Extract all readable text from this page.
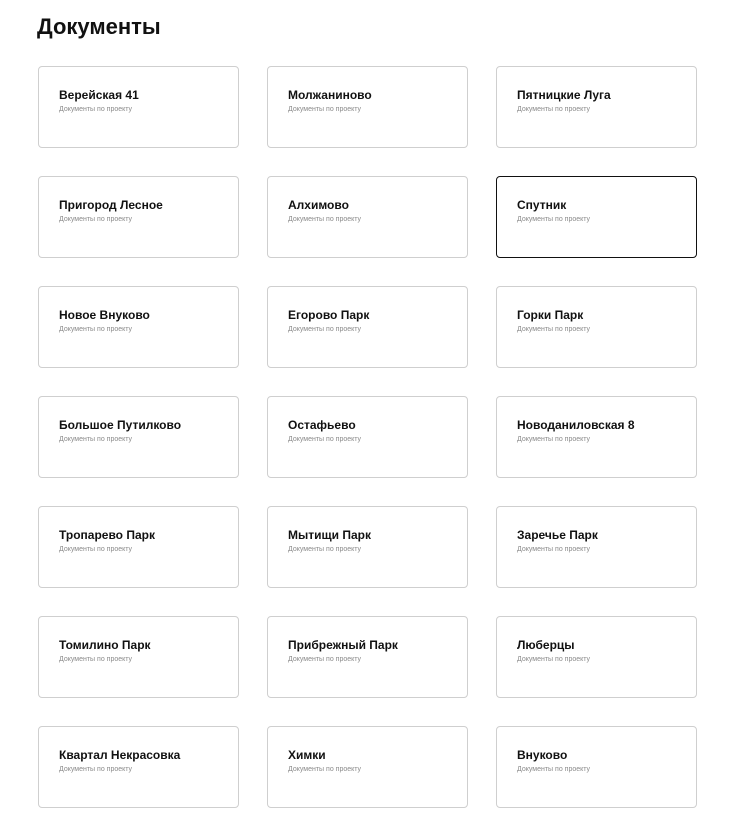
Документы
Верейская 41
Документы по проекту
Молжаниново
Документы по проекту
Пятницкие Луга
Документы по проекту
Пригород Лесное
Документы по проекту
Алхимово
Документы по проекту
Спутник
Документы по проекту
Новое Внуково
Документы по проекту
Егорово Парк
Документы по проекту
Горки Парк
Документы по проекту
Большое Путилково
Документы по проекту
Остафьево
Документы по проекту
Новоданиловская 8
Документы по проекту
Тропарево Парк
Документы по проекту
Мытищи Парк
Документы по проекту
Заречье Парк
Документы по проекту
Томилино Парк
Документы по проекту
Прибрежный Парк
Документы по проекту
Люберцы
Документы по проекту
Квартал Некрасовка
Документы по проекту
Химки
Документы по проекту
Внуково
Документы по проекту
